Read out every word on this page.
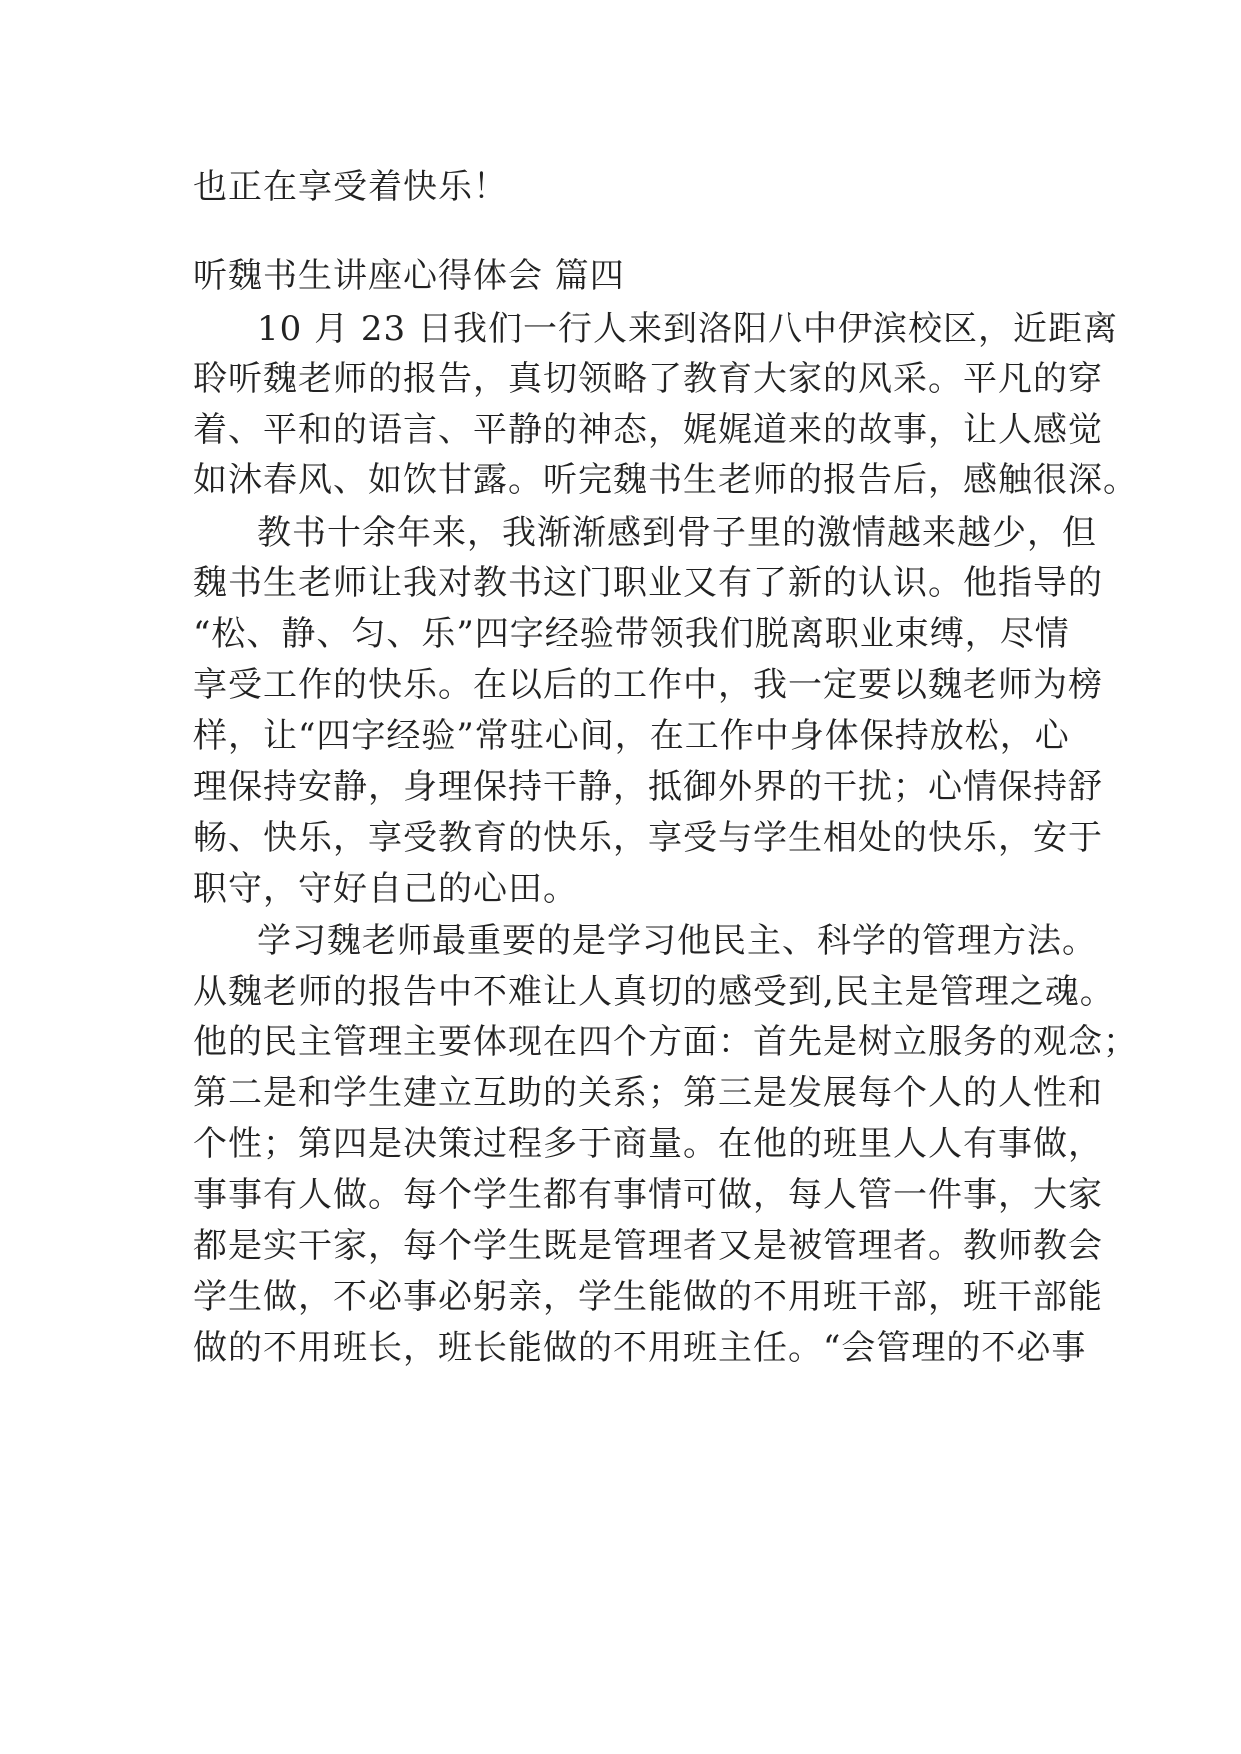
也正在享受着快乐！
听魏书生讲座心得体会 篇四
10 月 23 日我们一行人来到洛阳八中伊滨校区，近距离
聆听魏老师的报告，真切领略了教育大家的风采。平凡的穿
着、平和的语言、平静的神态，娓娓道来的故事，让人感觉
如沐春风、如饮甘露。听完魏书生老师的报告后，感触很深。
教书十余年来，我渐渐感到骨子里的激情越来越少，但
魏书生老师让我对教书这门职业又有了新的认识。他指导的
“松、静、匀、乐”四字经验带领我们脱离职业束缚，尽情
享受工作的快乐。在以后的工作中，我一定要以魏老师为榜
样，让“四字经验”常驻心间，在工作中身体保持放松，心
理保持安静，身理保持干静，抵御外界的干扰；心情保持舒
畅、快乐，享受教育的快乐，享受与学生相处的快乐，安于
职守，守好自己的心田。
学习魏老师最重要的是学习他民主、科学的管理方法。
从魏老师的报告中不难让人真切的感受到,民主是管理之魂。
他的民主管理主要体现在四个方面：首先是树立服务的观念；
第二是和学生建立互助的关系；第三是发展每个人的人性和
个性；第四是决策过程多于商量。在他的班里人人有事做，
事事有人做。每个学生都有事情可做，每人管一件事，大家
都是实干家，每个学生既是管理者又是被管理者。教师教会
学生做，不必事必躬亲，学生能做的不用班干部，班干部能
做的不用班长，班长能做的不用班主任。“会管理的不必事
